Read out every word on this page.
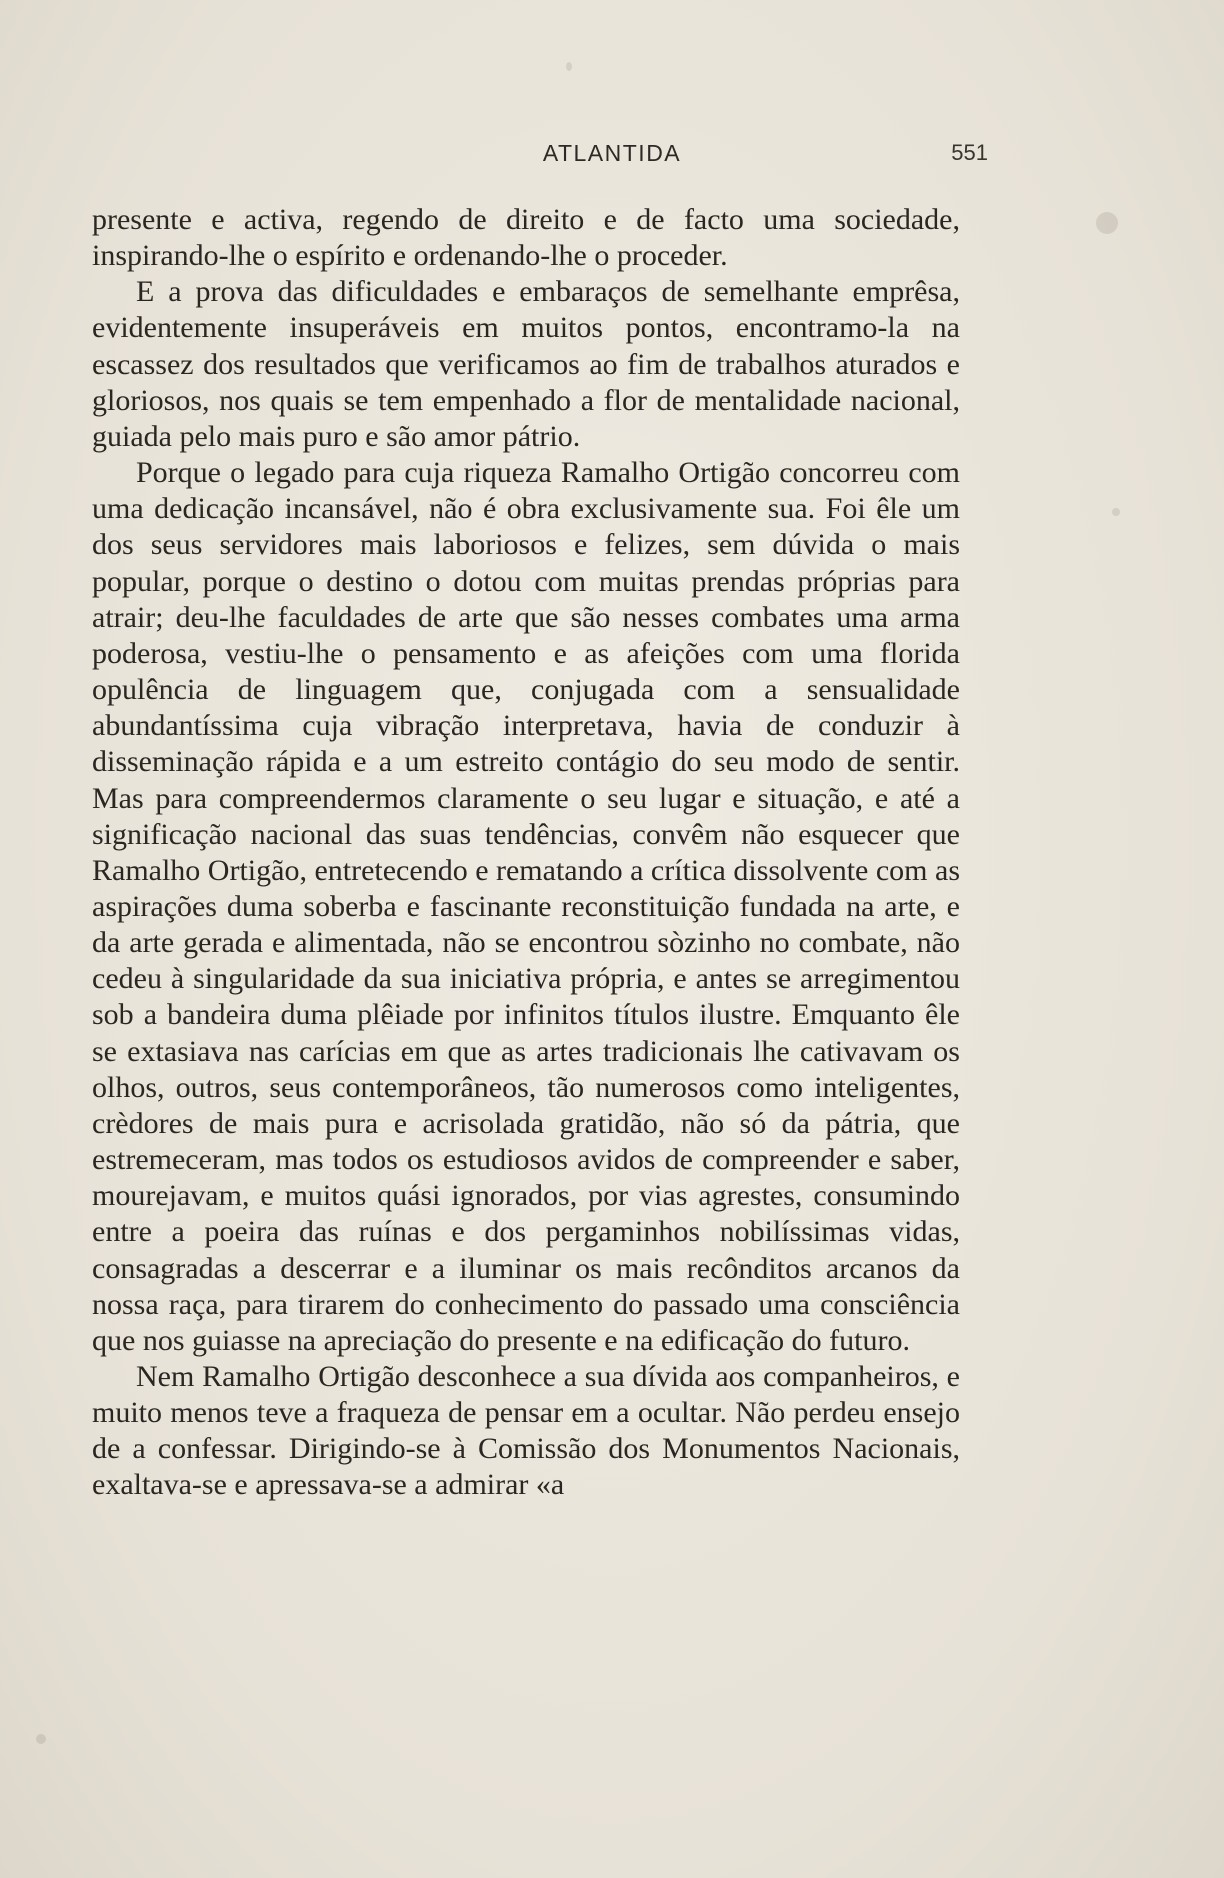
ATLANTIDA	551

presente e activa, regendo de direito e de facto uma sociedade, inspirando-lhe o espírito e ordenando-lhe o proceder.

E a prova das dificuldades e embaraços de semelhante emprêsa, evidentemente insuperáveis em muitos pontos, encontramo-la na escassez dos resultados que verificamos ao fim de trabalhos aturados e gloriosos, nos quais se tem empenhado a flor de mentalidade nacional, guiada pelo mais puro e são amor pátrio.

Porque o legado para cuja riqueza Ramalho Ortigão concorreu com uma dedicação incansável, não é obra exclusivamente sua. Foi êle um dos seus servidores mais laboriosos e felizes, sem dúvida o mais popular, porque o destino o dotou com muitas prendas próprias para atrair; deu-lhe faculdades de arte que são nesses combates uma arma poderosa, vestiu-lhe o pensamento e as afeições com uma florida opulência de linguagem que, conjugada com a sensualidade abundantíssima cuja vibração interpretava, havia de conduzir à disseminação rápida e a um estreito contágio do seu modo de sentir. Mas para compreendermos claramente o seu lugar e situação, e até a significação nacional das suas tendências, convêm não esquecer que Ramalho Ortigão, entretecendo e rematando a crítica dissolvente com as aspirações duma soberba e fascinante reconstituição fundada na arte, e da arte gerada e alimentada, não se encontrou sòzinho no combate, não cedeu à singularidade da sua iniciativa própria, e antes se arregimentou sob a bandeira duma plêiade por infinitos títulos ilustre. Emquanto êle se extasiava nas carícias em que as artes tradicionais lhe cativavam os olhos, outros, seus contemporâneos, tão numerosos como inteligentes, crèdores de mais pura e acrisolada gratidão, não só da pátria, que estremeceram, mas todos os estudiosos avidos de compreender e saber, mourejavam, e muitos quási ignorados, por vias agrestes, consumindo entre a poeira das ruínas e dos pergaminhos nobilíssimas vidas, consagradas a descerrar e a iluminar os mais recônditos arcanos da nossa raça, para tirarem do conhecimento do passado uma consciência que nos guiasse na apreciação do presente e na edificação do futuro.

Nem Ramalho Ortigão desconhece a sua dívida aos companheiros, e muito menos teve a fraqueza de pensar em a ocultar. Não perdeu ensejo de a confessar. Dirigindo-se à Comissão dos Monumentos Nacionais, exaltava-se e apressava-se a admirar «a
